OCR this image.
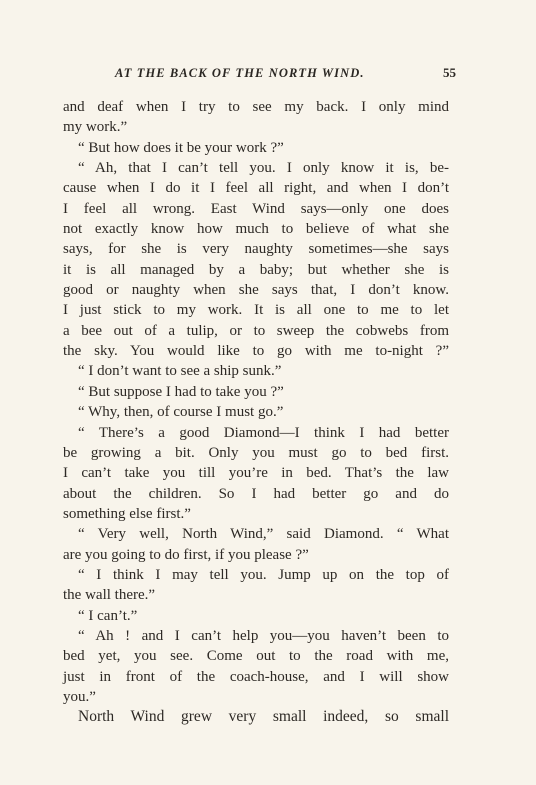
AT THE BACK OF THE NORTH WIND.	55
and deaf when I try to see my back. I only mind
my work.”
“ But how does it be your work ?”
“ Ah, that I can’t tell you. I only know it is, be-
cause when I do it I feel all right, and when I don’t
I feel all wrong. East Wind says—only one does
not exactly know how much to believe of what she
says, for she is very naughty sometimes—she says
it is all managed by a baby; but whether she is
good or naughty when she says that, I don’t know.
I just stick to my work. It is all one to me to let
a bee out of a tulip, or to sweep the cobwebs from
the sky. You would like to go with me to-night ?”
“ I don’t want to see a ship sunk.”
“ But suppose I had to take you ?”
“ Why, then, of course I must go.”
“ There’s a good Diamond—I think I had better
be growing a bit. Only you must go to bed first.
I can’t take you till you’re in bed. That’s the law
about the children. So I had better go and do
something else first.”
“ Very well, North Wind,” said Diamond. “ What
are you going to do first, if you please ?”
“ I think I may tell you. Jump up on the top of
the wall there.”
“ I can’t.”
“ Ah ! and I can’t help you—you haven’t been to
bed yet, you see. Come out to the road with me,
just in front of the coach-house, and I will show
you.”
North Wind grew very small indeed, so small
